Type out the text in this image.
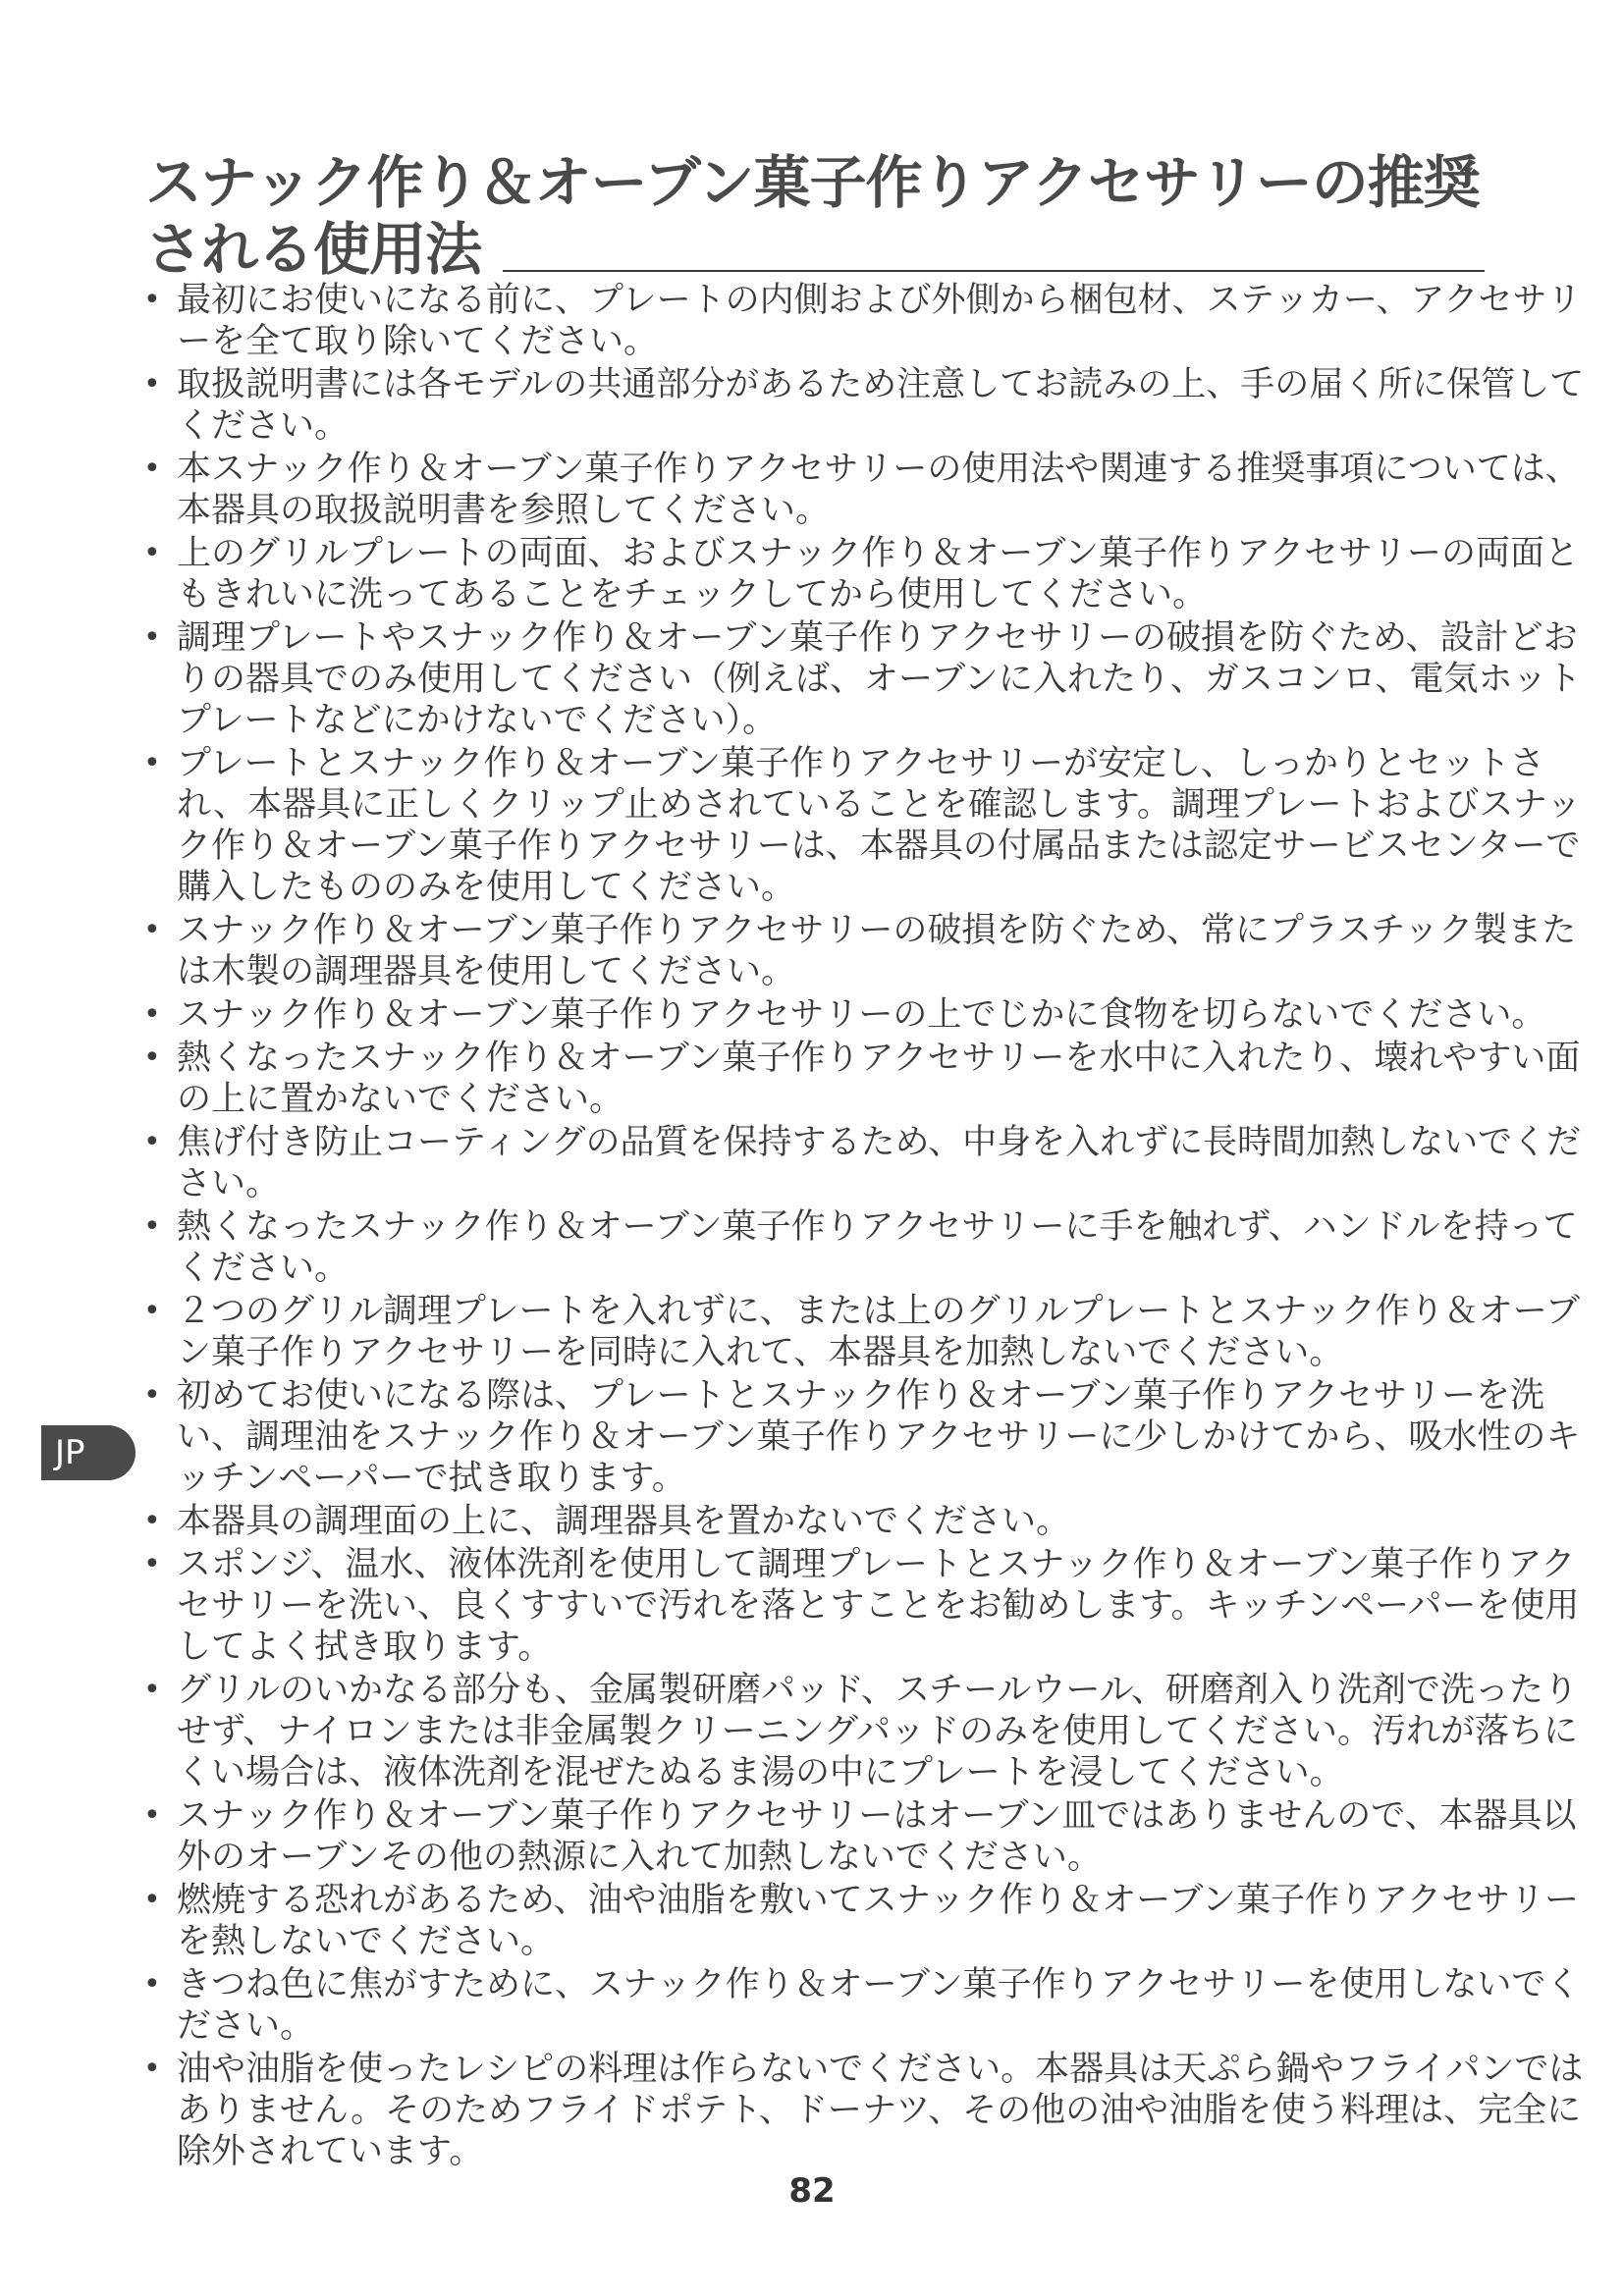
スナック作り＆オーブン菓子作りアクセサリーの推奨される使用法
• 最初にお使いになる前に、プレートの内側および外側から梱包材、ステッカー、アクセサリーを全て取り除いてください。
• 取扱説明書には各モデルの共通部分があるため注意してお読みの上、手の届く所に保管してください。
• 本スナック作り＆オーブン菓子作りアクセサリーの使用法や関連する推奨事項については、本器具の取扱説明書を参照してください。
• 上のグリルプレートの両面、およびスナック作り＆オーブン菓子作りアクセサリーの両面ともきれいに洗ってあることをチェックしてから使用してください。
• 調理プレートやスナック作り＆オーブン菓子作りアクセサリーの破損を防ぐため、設計どおりの器具でのみ使用してください（例えば、オーブンに入れたり、ガスコンロ、電気ホットプレートなどにかけないでください）。
• プレートとスナック作り＆オーブン菓子作りアクセサリーが安定し、しっかりとセットされ、本器具に正しくクリップ止めされていることを確認します。調理プレートおよびスナック作り＆オーブン菓子作りアクセサリーは、本器具の付属品または認定サービスセンターで購入したもののみを使用してください。
• スナック作り＆オーブン菓子作りアクセサリーの破損を防ぐため、常にプラスチック製または木製の調理器具を使用してください。
• スナック作り＆オーブン菓子作りアクセサリーの上でじかに食物を切らないでください。
• 熱くなったスナック作り＆オーブン菓子作りアクセサリーを水中に入れたり、壊れやすい面の上に置かないでください。
• 焦げ付き防止コーティングの品質を保持するため、中身を入れずに長時間加熱しないでください。
• 熱くなったスナック作り＆オーブン菓子作りアクセサリーに手を触れず、ハンドルを持ってください。
• ２つのグリル調理プレートを入れずに、または上のグリルプレートとスナック作り＆オーブン菓子作りアクセサリーを同時に入れて、本器具を加熱しないでください。
• 初めてお使いになる際は、プレートとスナック作り＆オーブン菓子作りアクセサリーを洗い、調理油をスナック作り＆オーブン菓子作りアクセサリーに少しかけてから、吸水性のキッチンペーパーで拭き取ります。
• 本器具の調理面の上に、調理器具を置かないでください。
• スポンジ、温水、液体洗剤を使用して調理プレートとスナック作り＆オーブン菓子作りアクセサリーを洗い、良くすすいで汚れを落とすことをお勧めします。キッチンペーパーを使用してよく拭き取ります。
• グリルのいかなる部分も、金属製研磨パッド、スチールウール、研磨剤入り洗剤で洗ったりせず、ナイロンまたは非金属製クリーニングパッドのみを使用してください。汚れが落ちにくい場合は、液体洗剤を混ぜたぬるま湯の中にプレートを浸してください。
• スナック作り＆オーブン菓子作りアクセサリーはオーブン皿ではありませんので、本器具以外のオーブンその他の熱源に入れて加熱しないでください。
• 燃焼する恐れがあるため、油や油脂を敷いてスナック作り＆オーブン菓子作りアクセサリーを熱しないでください。
• きつね色に焦がすために、スナック作り＆オーブン菓子作りアクセサリーを使用しないでください。
• 油や油脂を使ったレシピの料理は作らないでください。本器具は天ぷら鍋やフライパンではありません。そのためフライドポテト、ドーナツ、その他の油や油脂を使う料理は、完全に除外されています。
JP
82
